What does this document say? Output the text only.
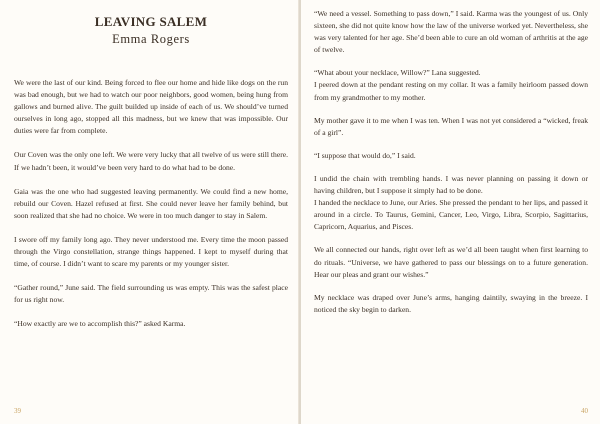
LEAVING SALEM
Emma Rogers

We were the last of our kind. Being forced to flee our home and hide like dogs on the run was bad enough, but we had to watch our poor neighbors, good women, being hung from gallows and burned alive. The guilt builded up inside of each of us. We should’ve turned ourselves in long ago, stopped all this madness, but we knew that was impossible. Our duties were far from complete.

Our Coven was the only one left. We were very lucky that all twelve of us were still there. If we hadn’t been, it would’ve been very hard to do what had to be done.

Gaia was the one who had suggested leaving permanently. We could find a new home, rebuild our Coven. Hazel refused at first. She could never leave her family behind, but soon realized that she had no choice. We were in too much danger to stay in Salem.

I swore off my family long ago. They never understood me. Every time the moon passed through the Virgo constellation, strange things happened. I kept to myself during that time, of course. I didn’t want to scare my parents or my younger sister.

“Gather round,” June said. The field surrounding us was empty. This was the safest place for us right now.

“How exactly are we to accomplish this?” asked Karma.

39

“We need a vessel. Something to pass down,” I said. Karma was the youngest of us. Only sixteen, she did not quite know how the law of the universe worked yet. Nevertheless, she was very talented for her age. She’d been able to cure an old woman of arthritis at the age of twelve.

“What about your necklace, Willow?” Lana suggested.
I peered down at the pendant resting on my collar. It was a family heirloom passed down from my grandmother to my mother.

My mother gave it to me when I was ten. When I was not yet considered a “wicked, freak of a girl”.

“I suppose that would do,” I said.

I undid the chain with trembling hands. I was never planning on passing it down or having children, but I suppose it simply had to be done.
I handed the necklace to June, our Aries. She pressed the pendant to her lips, and passed it around in a circle. To Taurus, Gemini, Cancer, Leo, Virgo, Libra, Scorpio, Sagittarius, Capricorn, Aquarius, and Pisces.

We all connected our hands, right over left as we’d all been taught when first learning to do rituals. “Universe, we have gathered to pass our blessings on to a future generation. Hear our pleas and grant our wishes.”

My necklace was draped over June’s arms, hanging daintily, swaying in the breeze. I noticed the sky begin to darken.

40
